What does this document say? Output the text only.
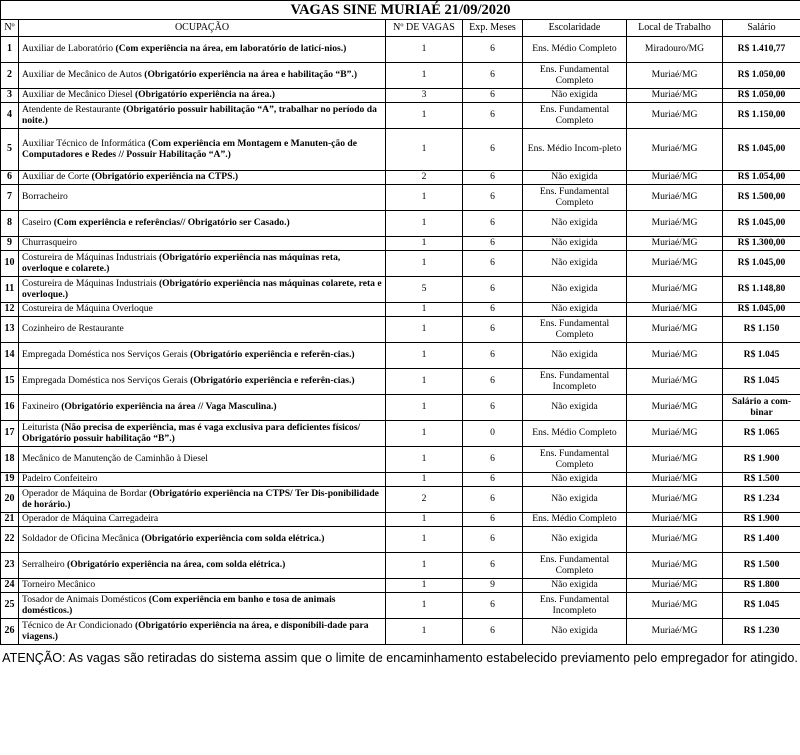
VAGAS SINE MURIAÉ 21/09/2020						
Nº	OCUPAÇÃO	Nº DE VAGAS	Exp. Meses	Escolaridade	Local de Trabalho	Salário
1	Auxiliar de Laboratório (Com experiência na área, em laboratório de laticí-nios.)	1	6	Ens. Médio Completo	Miradouro/MG	R$ 1.410,77
2	Auxiliar de Mecânico de Autos (Obrigatório experiência na área e habilitação “B”.)	1	6	Ens. Fundamental Completo	Muriaé/MG	R$ 1.050,00
3	Auxiliar de Mecânico Diesel (Obrigatório experiência na área.)	3	6	Não exigida	Muriaé/MG	R$ 1.050,00
4	Atendente de Restaurante (Obrigatório possuir habilitação “A”, trabalhar no período da noite.)	1	6	Ens. Fundamental Completo	Muriaé/MG	R$ 1.150,00
5	Auxiliar Técnico de Informática (Com experiência em Montagem e Manuten-ção de Computadores e Redes // Possuir Habilitação “A”.)	1	6	Ens. Médio Incom-pleto	Muriaé/MG	R$ 1.045,00
6	Auxiliar de Corte (Obrigatório experiência na CTPS.)	2	6	Não exigida	Muriaé/MG	R$ 1.054,00
7	Borracheiro	1	6	Ens. Fundamental Completo	Muriaé/MG	R$ 1.500,00
8	Caseiro (Com experiência e referências// Obrigatório ser Casado.)	1	6	Não exigida	Muriaé/MG	R$ 1.045,00
9	Churrasqueiro	1	6	Não exigida	Muriaé/MG	R$ 1.300,00
10	Costureira de Máquinas Industriais (Obrigatório experiência nas máquinas reta, overloque e colarete.)	1	6	Não exigida	Muriaé/MG	R$ 1.045,00
11	Costureira de Máquinas Industriais (Obrigatório experiência nas máquinas colarete, reta e overloque.)	5	6	Não exigida	Muriaé/MG	R$ 1.148,80
12	Costureira de Máquina Overloque	1	6	Não exigida	Muriaé/MG	R$ 1.045,00
13	Cozinheiro de Restaurante	1	6	Ens. Fundamental Completo	Muriaé/MG	R$ 1.150
14	Empregada Doméstica nos Serviços Gerais (Obrigatório experiência e referên-cias.)	1	6	Não exigida	Muriaé/MG	R$ 1.045
15	Empregada Doméstica nos Serviços Gerais (Obrigatório experiência e referên-cias.)	1	6	Ens. Fundamental Incompleto	Muriaé/MG	R$ 1.045
16	Faxineiro (Obrigatório experiência na área // Vaga Masculina.)	1	6	Não exigida	Muriaé/MG	Salário a com-binar
17	Leiturista (Não precisa de experiência, mas é vaga exclusiva para deficientes físicos/ Obrigatório possuir habilitação “B”.)	1	0	Ens. Médio Completo	Muriaé/MG	R$ 1.065
18	Mecânico de Manutenção de Caminhão à Diesel	1	6	Ens. Fundamental Completo	Muriaé/MG	R$ 1.900
19	Padeiro Confeiteiro	1	6	Não exigida	Muriaé/MG	R$ 1.500
20	Operador de Máquina de Bordar (Obrigatório experiência na CTPS/ Ter Dis-ponibilidade de horário.)	2	6	Não exigida	Muriaé/MG	R$ 1.234
21	Operador de Máquina Carregadeira	1	6	Ens. Médio Completo	Muriaé/MG	R$ 1.900
22	Soldador de Oficina Mecânica (Obrigatório experiência com solda elétrica.)	1	6	Não exigida	Muriaé/MG	R$ 1.400
23	Serralheiro (Obrigatório experiência na área, com solda elétrica.)	1	6	Ens. Fundamental Completo	Muriaé/MG	R$ 1.500
24	Torneiro Mecânico	1	9	Não exigida	Muriaé/MG	R$ 1.800
25	Tosador de Animais Domésticos (Com experiência em banho e tosa de animais domésticos.)	1	6	Ens. Fundamental Incompleto	Muriaé/MG	R$ 1.045
26	Técnico de Ar Condicionado (Obrigatório experiência na área, e disponibili-dade para viagens.)	1	6	Não exigida	Muriaé/MG	R$ 1.230
ATENÇÃO: As vagas são retiradas do sistema assim que o limite de encaminhamento estabelecido previamento pelo empregador for atingido.
